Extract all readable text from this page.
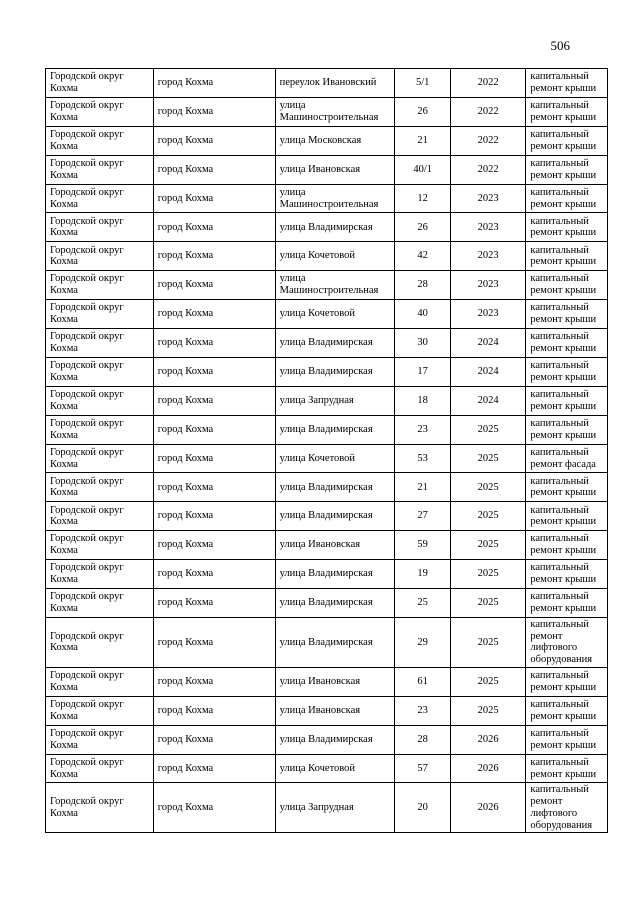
506
Городской округ Кохма	город Кохма	переулок Ивановский	5/1	2022	капитальный ремонт крыши
Городской округ Кохма	город Кохма	улица Машиностроительная	26	2022	капитальный ремонт крыши
Городской округ Кохма	город Кохма	улица Московская	21	2022	капитальный ремонт крыши
Городской округ Кохма	город Кохма	улица Ивановская	40/1	2022	капитальный ремонт крыши
Городской округ Кохма	город Кохма	улица Машиностроительная	12	2023	капитальный ремонт крыши
Городской округ Кохма	город Кохма	улица Владимирская	26	2023	капитальный ремонт крыши
Городской округ Кохма	город Кохма	улица Кочетовой	42	2023	капитальный ремонт крыши
Городской округ Кохма	город Кохма	улица Машиностроительная	28	2023	капитальный ремонт крыши
Городской округ Кохма	город Кохма	улица Кочетовой	40	2023	капитальный ремонт крыши
Городской округ Кохма	город Кохма	улица Владимирская	30	2024	капитальный ремонт крыши
Городской округ Кохма	город Кохма	улица Владимирская	17	2024	капитальный ремонт крыши
Городской округ Кохма	город Кохма	улица Запрудная	18	2024	капитальный ремонт крыши
Городской округ Кохма	город Кохма	улица Владимирская	23	2025	капитальный ремонт крыши
Городской округ Кохма	город Кохма	улица Кочетовой	53	2025	капитальный ремонт фасада
Городской округ Кохма	город Кохма	улица Владимирская	21	2025	капитальный ремонт крыши
Городской округ Кохма	город Кохма	улица Владимирская	27	2025	капитальный ремонт крыши
Городской округ Кохма	город Кохма	улица Ивановская	59	2025	капитальный ремонт крыши
Городской округ Кохма	город Кохма	улица Владимирская	19	2025	капитальный ремонт крыши
Городской округ Кохма	город Кохма	улица Владимирская	25	2025	капитальный ремонт крыши
Городской округ Кохма	город Кохма	улица Владимирская	29	2025	капитальный ремонт лифтового оборудования
Городской округ Кохма	город Кохма	улица Ивановская	61	2025	капитальный ремонт крыши
Городской округ Кохма	город Кохма	улица Ивановская	23	2025	капитальный ремонт крыши
Городской округ Кохма	город Кохма	улица Владимирская	28	2026	капитальный ремонт крыши
Городской округ Кохма	город Кохма	улица Кочетовой	57	2026	капитальный ремонт крыши
Городской округ Кохма	город Кохма	улица Запрудная	20	2026	капитальный ремонт лифтового оборудования
